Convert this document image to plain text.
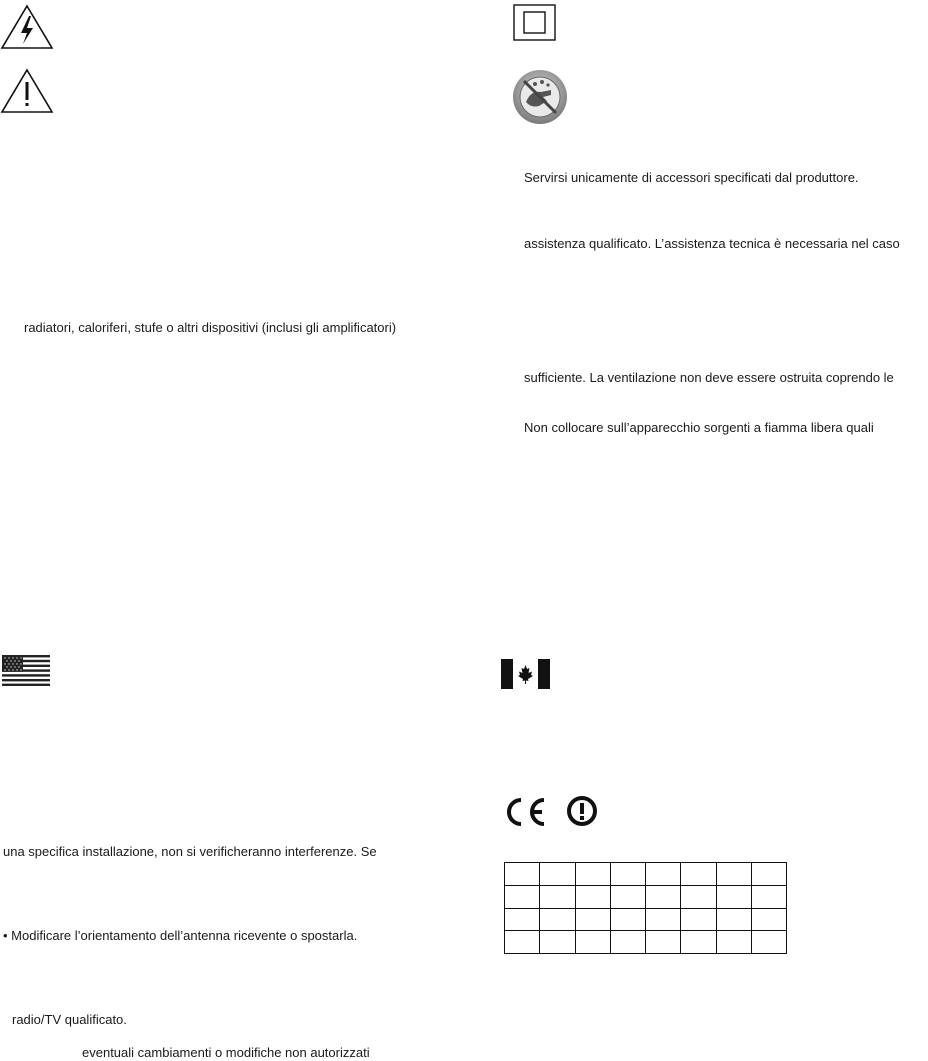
radiatori, caloriferi, stufe o altri dispositivi (inclusi gli amplificatori)
una specifica installazione, non si verificheranno interferenze. Se
• Modificare l’orientamento dell’antenna ricevente o spostarla.
radio/TV qualificato.
eventuali cambiamenti o modifiche non autorizzati
Servirsi unicamente di accessori specificati dal produttore.
assistenza qualificato. L’assistenza tecnica è necessaria nel caso
sufficiente. La ventilazione non deve essere ostruita coprendo le
Non collocare sull’apparecchio sorgenti a fiamma libera quali
